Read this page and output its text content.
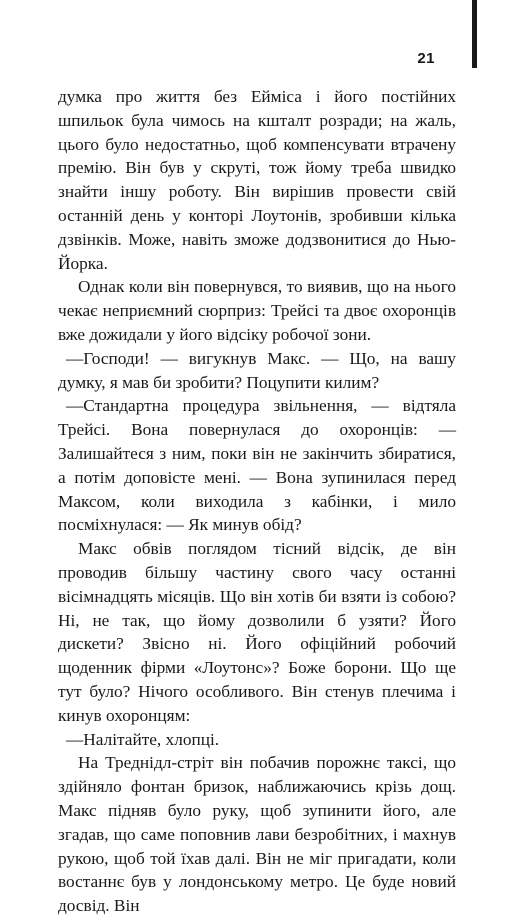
21

думка про життя без Еймiса i його постiйних шпильок була чимось на кшталт розради; на жаль, цього було недостатньо, щоб компенсувати втрачену премiю. Вiн був у скрутi, тож йому треба швидко знайти iншу роботу. Вiн вирiшив провести свiй останнiй день у конторi Лоутонiв, зробивши кiлька дзвiнкiв. Може, навiть зможе додзвонитися до Нью-Йорка.

Однак коли вiн повернувся, то виявив, що на нього чекає неприємний сюрприз: Трейсi та двоє охоронцiв вже дожидали у його вiдсiку робочої зони.

—Господи! — вигукнув Макс. — Що, на вашу думку, я мав би зробити? Поцупити килим?

—Стандартна процедура звiльнення, — вiдтяла Трейсi. Вона повернулася до охоронцiв: — Залишайтеся з ним, поки вiн не закiнчить збиратися, а потiм доповiсте менi. — Вона зупинилася перед Максом, коли виходила з кабiнки, i мило посмiхнулася: — Як минув обiд?

Макс обвiв поглядом тiсний вiдсiк, де вiн проводив бiльшу частину свого часу останнi вiсiмнадцять мiсяцiв. Що вiн хотiв би взяти iз собою? Нi, не так, що йому дозволили б узяти? Його дискети? Звiсно нi. Його офiцiйний робочий щоденник фiрми «Лоутонс»? Боже борони. Що ще тут було? Нiчого особливого. Вiн стенув плечима i кинув охоронцям:

—Налiтайте, хлопцi.

На Треднiдл-стрiт вiн побачив порожнє таксi, що здiйняло фонтан бризок, наближаючись крiзь дощ. Макс пiдняв було руку, щоб зупинити його, але згадав, що саме поповнив лави безробiтних, i махнув рукою, щоб той їхав далi. Вiн не мiг пригадати, коли востаннє був у лондонському метро. Це буде новий досвiд. Вiн
